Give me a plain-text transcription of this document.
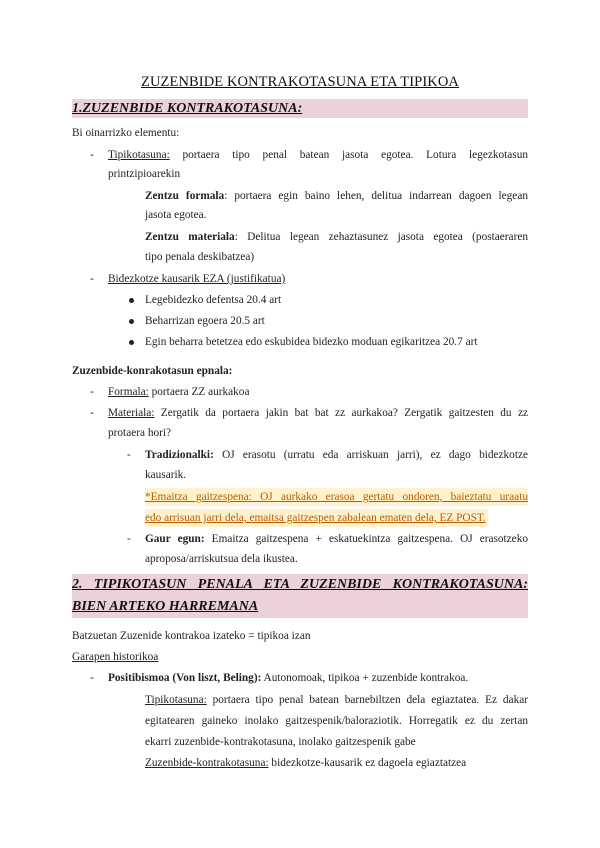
ZUZENBIDE KONTRAKOTASUNA ETA TIPIKOA
1.ZUZENBIDE KONTRAKOTASUNA:
Bi oinarrizko elementu:
- Tipikotasuna: portaera tipo penal batean jasota egotea. Lotura legezkotasun
printzipioarekin
Zentzu formala: portaera egin baino lehen, delitua indarrean dagoen legean
jasota egotea.
Zentzu materiala: Delitua legean zehaztasunez jasota egotea (postaeraren
tipo penala deskibatzea)
- Bidezkotze kausarik EZA (justifikatua)
Legebidezko defentsa 20.4 art
Beharrizan egoera 20.5 art
Egin beharra betetzea edo eskubidea bidezko moduan egikaritzea 20.7 art
Zuzenbide-konrakotasun epnala:
- Formala: portaera ZZ aurkakoa
- Materiala: Zergatik da portaera jakin bat bat zz aurkakoa? Zergatik gaitzesten du zz
protaera hori?
- Tradizionalki: OJ erasotu (urratu eda arriskuan jarri), ez dago bidezkotze
kausarik.
*Emaitza gaitzespena: OJ aurkako erasoa gertatu ondoren, baieztatu uraatu
edo arrisuan jarri dela, emaitsa gaitzespen zabalean ematen dela, EZ POST.
- Gaur egun: Emaitza gaitzespena + eskatuekintza gaitzespena. OJ erasotzeko
aproposa/arriskutsua dela ikustea.
2. TIPIKOTASUN PENALA ETA ZUZENBIDE KONTRAKOTASUNA:
BIEN ARTEKO HARREMANA
Batzuetan Zuzenide kontrakoa izateko = tipikoa izan
Garapen historikoa
- Positibismoa (Von liszt, Beling): Autonomoak, tipikoa + zuzenbide kontrakoa.
Tipikotasuna: portaera tipo penal batean barnebiltzen dela egiaztatea. Ez dakar
egitatearen gaineko inolako gaitzespenik/baloraziotik. Horregatik ez du zertan
ekarri zuzenbide-kontrakotasuna, inolako gaitzespenik gabe
Zuzenbide-kontrakotasuna: bidezkotze-kausarik ez dagoela egiaztatzea
